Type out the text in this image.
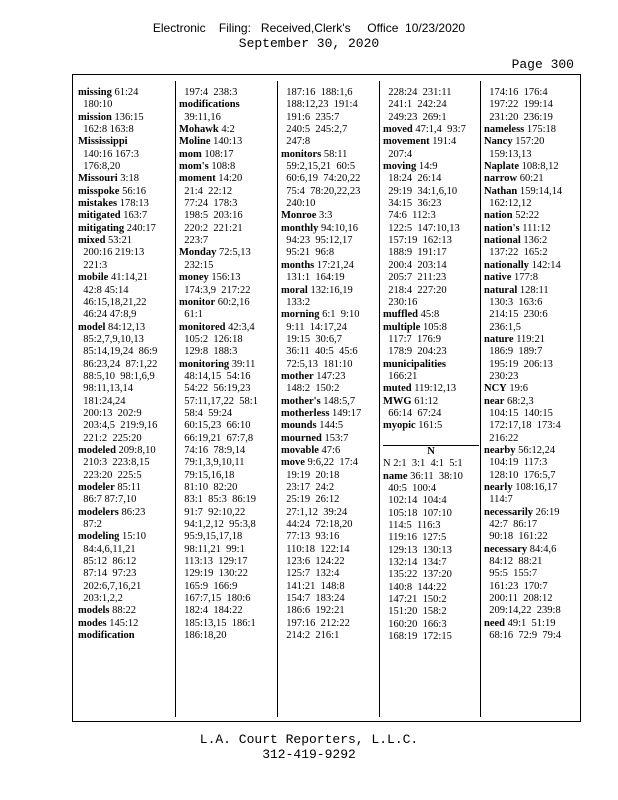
Electronic    Filing:   Received,Clerk's     Office  10/23/2020
September 30, 2020
Page 300
missing 61:24
180:10
mission 136:15
162:8 163:8
Mississippi
140:16 167:3
176:8,20
Missouri 3:18
misspoke 56:16
mistakes 178:13
mitigated 163:7
mitigating 240:17
mixed 53:21
200:16 219:13
221:3
mobile 41:14,21
42:8 45:14
46:15,18,21,22
46:24 47:8,9
model 84:12,13
85:2,7,9,10,13
85:14,19,24  86:9
86:23,24  87:1,22
88:5,10  98:1,6,9
98:11,13,14
181:24,24
200:13  202:9
203:4,5  219:9,16
221:2  225:20
modeled 209:8,10
210:3  223:8,15
223:20  225:5
modeler 85:11
86:7 87:7,10
modelers 86:23
87:2
modeling 15:10
84:4,6,11,21
85:12  86:12
87:14  97:23
202:6,7,16,21
203:1,2,2
models 88:22
modes 145:12
modification
197:4  238:3
modifications
39:11,16
Mohawk 4:2
Moline 140:13
mom 108:17
mom's 108:8
moment 14:20
21:4  22:12
77:24  178:3
198:5  203:16
220:2  221:21
223:7
Monday 72:5,13
232:15
money 156:13
174:3,9  217:22
monitor 60:2,16
61:1
monitored 42:3,4
105:2  126:18
129:8  188:3
monitoring 39:11
48:14,15  54:16
54:22  56:19,23
57:11,17,22  58:1
58:4  59:24
60:15,23  66:10
66:19,21  67:7,8
74:16  78:9,14
79:1,3,9,10,11
79:15,16,18
81:10  82:20
83:1  85:3  86:19
91:7  92:10,22
94:1,2,12  95:3,8
95:9,15,17,18
98:11,21  99:1
113:13  129:17
129:19  130:22
165:9  166:9
167:7,15  180:6
182:4  184:22
185:13,15  186:1
186:18,20
187:16  188:1,6
188:12,23  191:4
191:6  235:7
240:5  245:2,7
247:8
monitors 58:11
59:2,15,21  60:5
60:6,19  74:20,22
75:4  78:20,22,23
240:10
Monroe 3:3
monthly 94:10,16
94:23  95:12,17
95:21  96:8
months 17:21,24
131:1  164:19
moral 132:16,19
133:2
morning 6:1  9:10
9:11  14:17,24
19:15  30:6,7
36:11  40:5  45:6
72:5,13  181:10
mother 147:23
148:2  150:2
mother's 148:5,7
motherless 149:17
mounds 144:5
mourned 153:7
movable 47:6
move 9:6,22  17:4
19:19  20:18
23:17  24:2
25:19  26:12
27:1,12  39:24
44:24  72:18,20
77:13  93:16
110:18  122:14
123:6  124:22
125:7  132:4
141:21  148:8
154:7  183:24
186:6  192:21
197:16  212:22
214:2  216:1
228:24  231:11
241:1  242:24
249:23  269:1
moved 47:1,4  93:7
movement 191:4
207:4
moving 14:9
18:24  26:14
29:19  34:1,6,10
34:15  36:23
74:6  112:3
122:5  147:10,13
157:19  162:13
188:9  191:17
200:4  203:14
205:7  211:23
218:4  227:20
230:16
muffled 45:8
multiple 105:8
117:7  176:9
178:9  204:23
municipalities
166:21
muted 119:12,13
MWG 61:12
66:14  67:24
myopic 161:5
N
N 2:1  3:1  4:1  5:1
name 36:11  38:10
40:5  100:4
102:14  104:4
105:18  107:10
114:5  116:3
119:16  127:5
129:13  130:13
132:14  134:7
135:22  137:20
140:8  144:22
147:21  150:2
151:20  158:2
160:20  166:3
168:19  172:15
174:16  176:4
197:22  199:14
231:20  236:19
nameless 175:18
Nancy 157:20
159:13,13
Naplate 108:8,12
narrow 60:21
Nathan 159:14,14
162:12,12
nation 52:22
nation's 111:12
national 136:2
137:22  165:2
nationally 142:14
native 177:8
natural 128:11
130:3  163:6
214:15  230:6
236:1,5
nature 119:21
186:9  189:7
195:19  206:13
230:23
NCY 19:6
near 68:2,3
104:15  140:15
172:17,18  173:4
216:22
nearby 56:12,24
104:19  117:3
128:10  176:5,7
nearly 108:16,17
114:7
necessarily 26:19
42:7  86:17
90:18  161:22
necessary 84:4,6
84:12  88:21
95:5  155:7
161:23  170:7
200:11  208:12
209:14,22  239:8
need 49:1  51:19
68:16  72:9  79:4
L.A. Court Reporters, L.L.C.
312-419-9292
